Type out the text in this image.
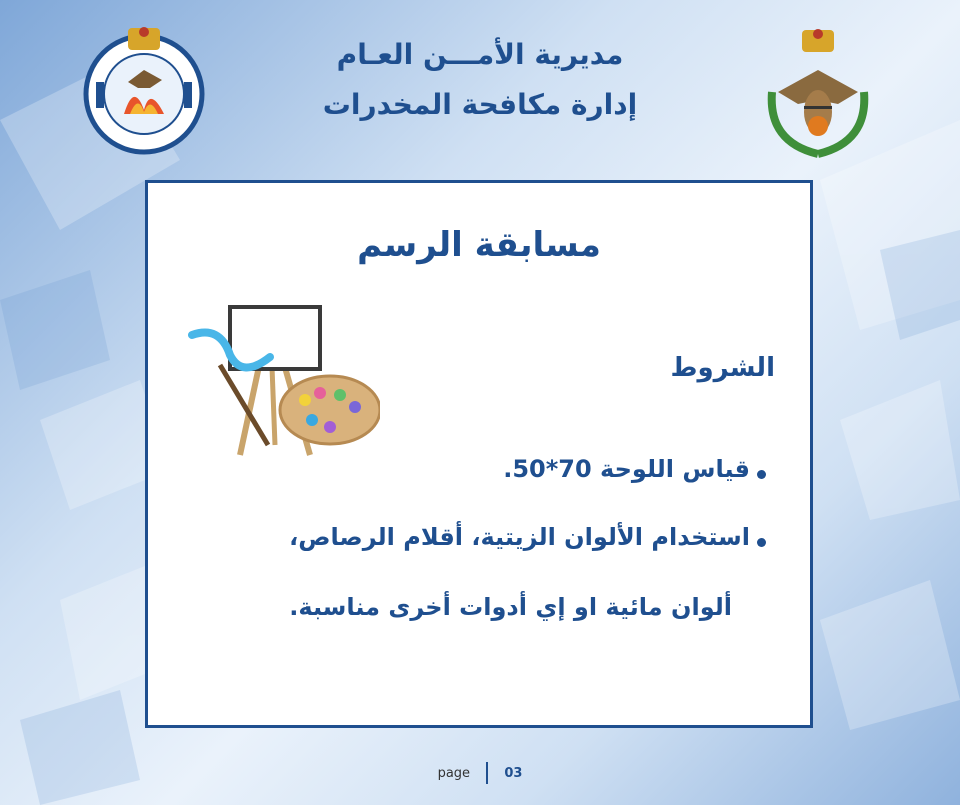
مديرية الأمـــن العـام
إدارة مكافحة المخدرات
مسابقة الرسم
الشروط
قياس اللوحة 70*50.
استخدام الألوان الزيتية، أقلام الرصاص،
ألوان مائية او إي أدوات أخرى مناسبة.
page	03
